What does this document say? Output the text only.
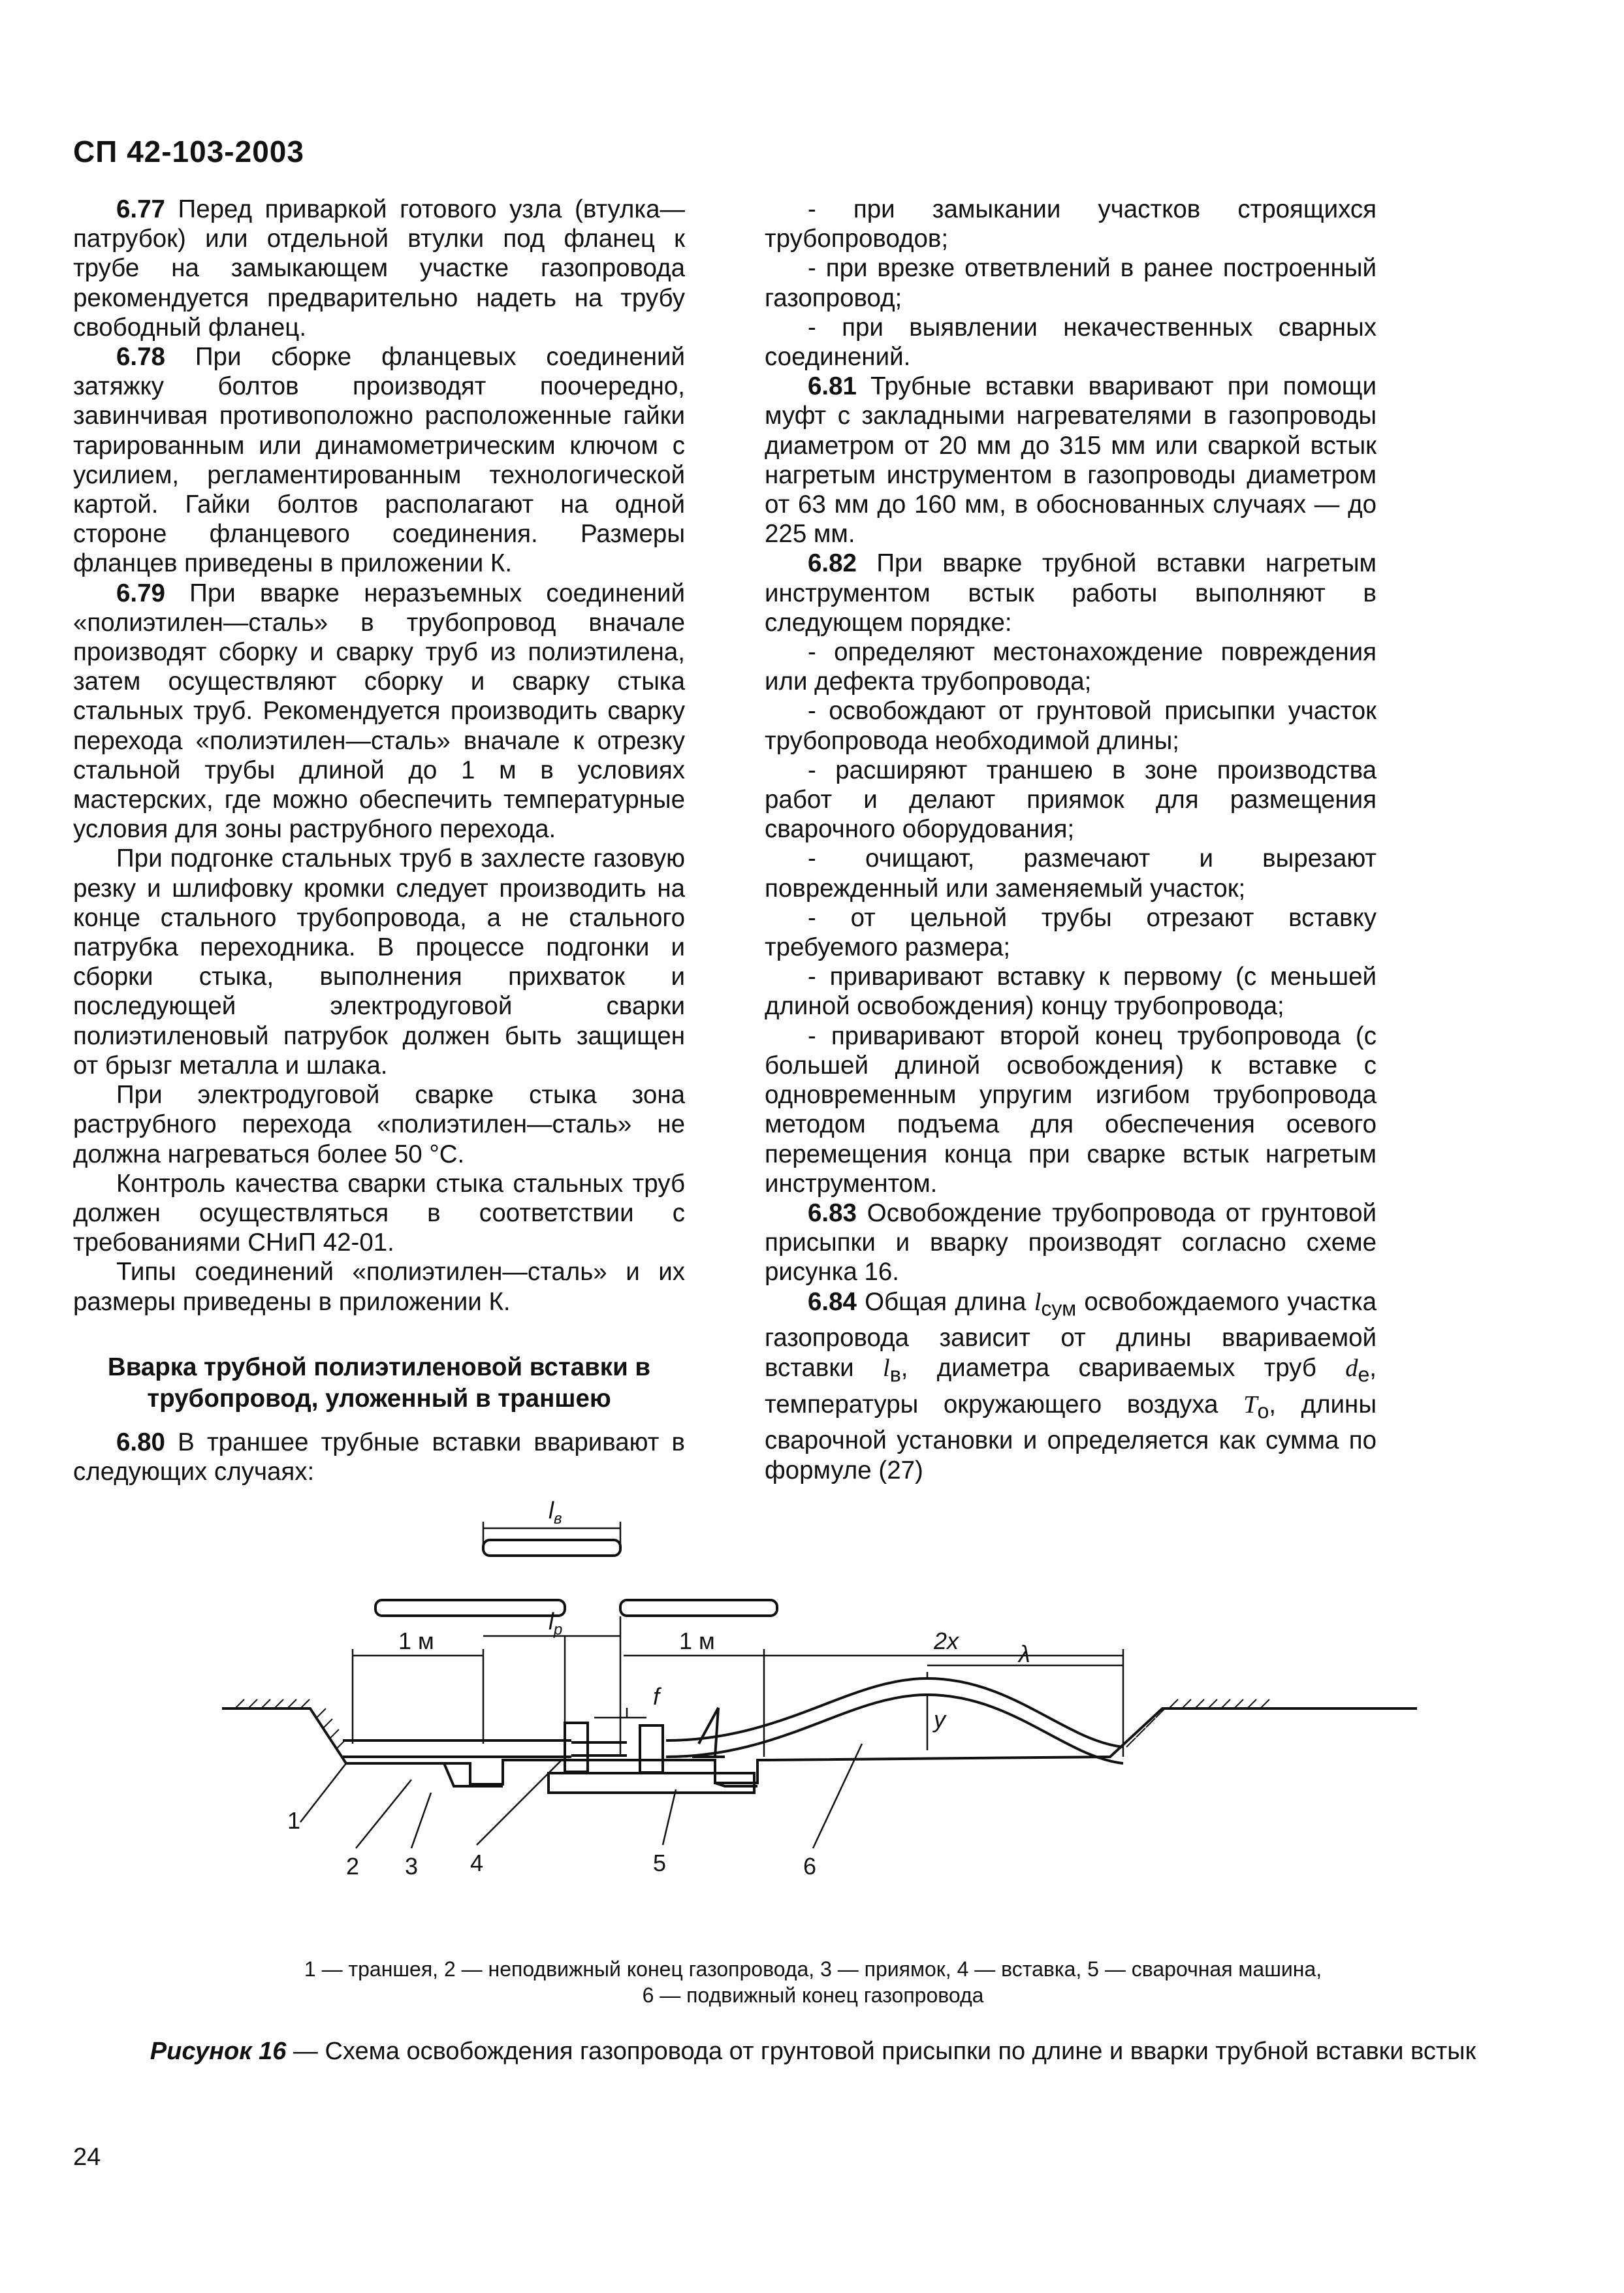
СП 42-103-2003

6.77 Перед приваркой готового узла (втулка—патрубок) или отдельной втулки под фланец к трубе на замыкающем участке газопровода рекомендуется предварительно надеть на трубу свободный фланец.

6.78 При сборке фланцевых соединений затяжку болтов производят поочередно, завинчивая противоположно расположенные гайки тарированным или динамометрическим ключом с усилием, регламентированным технологической картой. Гайки болтов располагают на одной стороне фланцевого соединения. Размеры фланцев приведены в приложении К.

6.79 При вварке неразъемных соединений «полиэтилен—сталь» в трубопровод вначале производят сборку и сварку труб из полиэтилена, затем осуществляют сборку и сварку стыка стальных труб. Рекомендуется производить сварку перехода «полиэтилен—сталь» вначале к отрезку стальной трубы длиной до 1 м в условиях мастерских, где можно обеспечить температурные условия для зоны раструбного перехода.

При подгонке стальных труб в захлесте газовую резку и шлифовку кромки следует производить на конце стального трубопровода, а не стального патрубка переходника. В процессе подгонки и сборки стыка, выполнения прихваток и последующей электродуговой сварки полиэтиленовый патрубок должен быть защищен от брызг металла и шлака.

При электродуговой сварке стыка зона раструбного перехода «полиэтилен—сталь» не должна нагреваться более 50 °С.

Контроль качества сварки стыка стальных труб должен осуществляться в соответствии с требованиями СНиП 42-01.

Типы соединений «полиэтилен—сталь» и их размеры приведены в приложении К.

Вварка трубной полиэтиленовой вставки в трубопровод, уложенный в траншею

6.80 В траншее трубные вставки вваривают в следующих случаях:

- при замыкании участков строящихся трубопроводов;

- при врезке ответвлений в ранее построенный газопровод;

- при выявлении некачественных сварных соединений.

6.81 Трубные вставки вваривают при помощи муфт с закладными нагревателями в газопроводы диаметром от 20 мм до 315 мм или сваркой встык нагретым инструментом в газопроводы диаметром от 63 мм до 160 мм, в обоснованных случаях — до 225 мм.

6.82 При вварке трубной вставки нагретым инструментом встык работы выполняют в следующем порядке:

- определяют местонахождение повреждения или дефекта трубопровода;

- освобождают от грунтовой присыпки участок трубопровода необходимой длины;

- расширяют траншею в зоне производства работ и делают приямок для размещения сварочного оборудования;

- очищают, размечают и вырезают поврежденный или заменяемый участок;

- от цельной трубы отрезают вставку требуемого размера;

- приваривают вставку к первому (с меньшей длиной освобождения) концу трубопровода;

- приваривают второй конец трубопровода (с большей длиной освобождения) к вставке с одновременным упругим изгибом трубопровода методом подъема для обеспечения осевого перемещения конца при сварке встык нагретым инструментом.

6.83 Освобождение трубопровода от грунтовой присыпки и вварку производят согласно схеме рисунка 16.

6.84 Общая длина $l_{сум}$ освобождаемого участка газопровода зависит от длины ввариваемой вставки $l_в$, диаметра свариваемых труб $d_е$, температуры окружающего воздуха $T_о$, длины сварочной установки и определяется как сумма по формуле (27)

$l_в$
$l_р$
1 м	1 м	2x	λ
f
y
1
2 3 4	5	6
1 — траншея, 2 — неподвижный конец газопровода, 3 — приямок, 4 — вставка, 5 — сварочная машина,
6 — подвижный конец газопровода
Рисунок 16 — Схема освобождения газопровода от грунтовой присыпки по длине и вварки трубной вставки встык
24
